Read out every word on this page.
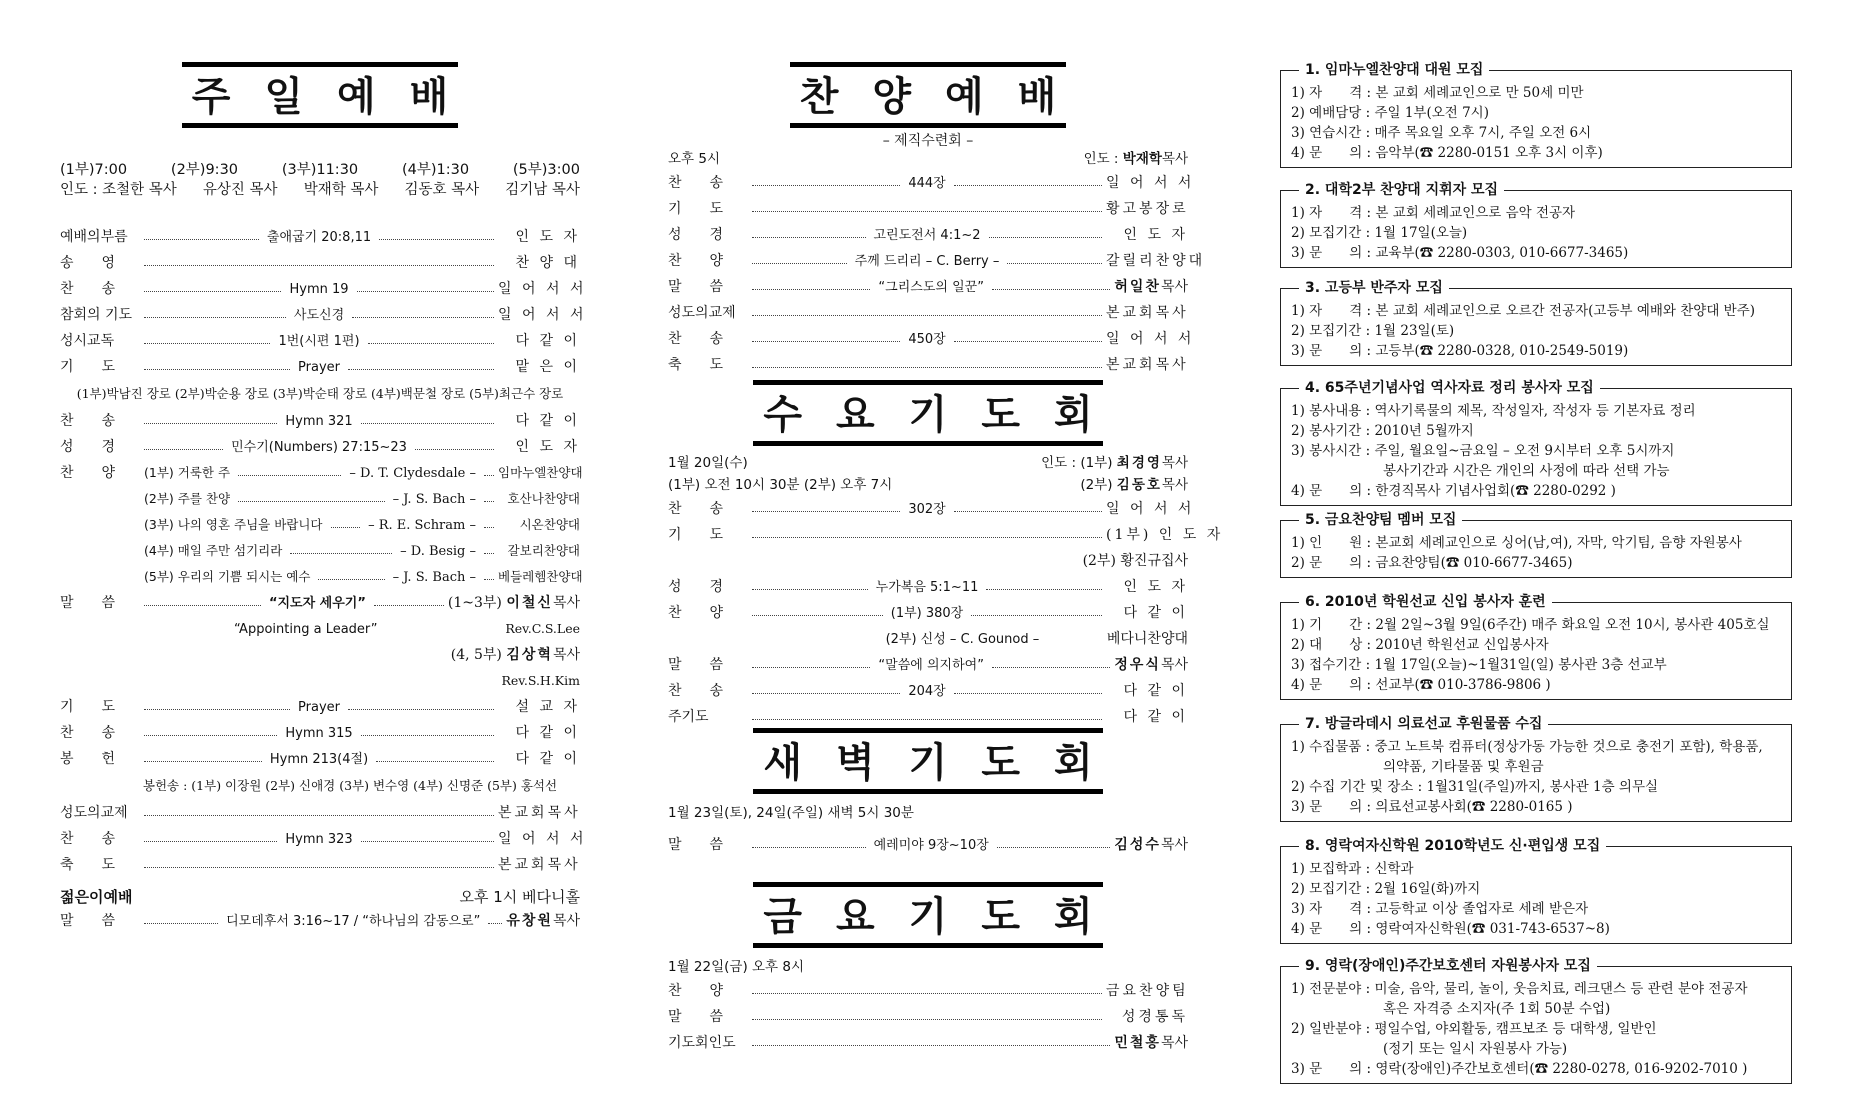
주일예배
(1부)7:00	(2부)9:30	(3부)11:30	(4부)1:30	(5부)3:00
인도 : 조철한 목사 유상진 목사 박재학 목사 김동호 목사 김기남 목사
예배의부름	출애굽기 20:8,11	인 도 자
송　　영	찬 양 대
찬　　송	Hymn 19	일 어 서 서
참회의 기도	사도신경	일 어 서 서
성시교독	1번(시편 1편)	다 같 이
기　　도	Prayer	맡 은 이
(1부)박남진 장로 (2부)박순용 장로 (3부)박순태 장로 (4부)백문철 장로 (5부)최근수 장로
찬　　송	Hymn 321	다 같 이
성　　경	민수기(Numbers) 27:15~23	인 도 자
찬　　양	(1부) 거룩한 주	– D. T. Clydesdale –	임마누엘찬양대
(2부) 주를 찬양	– J. S. Bach –	호산나찬양대
(3부) 나의 영혼 주님을 바랍니다	– R. E. Schram –	시온찬양대
(4부) 매일 주만 섬기리라	– D. Besig –	갈보리찬양대
(5부) 우리의 기쁨 되시는 예수	– J. S. Bach –	베들레헴찬양대
말　　씀	“지도자 세우기”	(1~3부) 이철신목사
“Appointing a Leader”	Rev.C.S.Lee
(4, 5부) 김상혁목사
Rev.S.H.Kim
기　　도	Prayer	설 교 자
찬　　송	Hymn 315	다 같 이
봉　　헌	Hymn 213(4절)	다 같 이
봉헌송 : (1부) 이장원 (2부) 신애경 (3부) 변수영 (4부) 신명준 (5부) 홍석선
성도의교제	본교회목사
찬　　송	Hymn 323	일 어 서 서
축　　도	본교회목사
젊은이예배	오후 1시 베다니홀
말　　씀	디모데후서 3:16~17 / “하나님의 감동으로” 유창원목사
찬양예배
– 제직수련회 –
오후 5시	인도 : 박재학목사
찬　　송	444장	일 어 서 서
기　　도	황고봉장로
성　　경	고린도전서 4:1~2	인 도 자
찬　　양	주께 드리리 – C. Berry –	갈릴리찬양대
말　　씀	“그리스도의 일꾼”	허일찬목사
성도의교제	본교회목사
찬　　송	450장	일 어 서 서
축　　도	본교회목사
수요기도회
1월 20일(수)	인도 : (1부) 최경영목사
(1부) 오전 10시 30분 (2부) 오후 7시	(2부) 김동호목사
찬　　송	302장	일 어 서 서
기　　도	(1부) 인 도 자
(2부) 황진규집사
성　　경	누가복음 5:1~11	인 도 자
찬　　양	(1부) 380장	다 같 이
(2부) 신성 – C. Gounod –	베다니찬양대
말　　씀	“말씀에 의지하여”	정우식목사
찬　　송	204장	다 같 이
주기도	다 같 이
새벽기도회
1월 23일(토), 24일(주일) 새벽 5시 30분
말　　씀	예레미야 9장~10장	김성수목사
금요기도회
1월 22일(금) 오후 8시
찬　　양	금요찬양팀
말　　씀	성경통독
기도회인도	민철홍목사
1. 임마누엘찬양대 대원 모집
1) 자　　격 : 본 교회 세례교인으로 만 50세 미만
2) 예배담당 : 주일 1부(오전 7시)
3) 연습시간 : 매주 목요일 오후 7시, 주일 오전 6시
4) 문　　의 : 음악부(☎ 2280-0151 오후 3시 이후)
2. 대학2부 찬양대 지휘자 모집
1) 자　　격 : 본 교회 세례교인으로 음악 전공자
2) 모집기간 : 1월 17일(오늘)
3) 문　　의 : 교육부(☎ 2280-0303, 010-6677-3465)
3. 고등부 반주자 모집
1) 자　　격 : 본 교회 세례교인으로 오르간 전공자(고등부 예배와 찬양대 반주)
2) 모집기간 : 1월 23일(토)
3) 문　　의 : 고등부(☎ 2280-0328, 010-2549-5019)
4. 65주년기념사업 역사자료 정리 봉사자 모집
1) 봉사내용 : 역사기록물의 제목, 작성일자, 작성자 등 기본자료 정리
2) 봉사기간 : 2010년 5월까지
3) 봉사시간 : 주일, 월요일~금요일 – 오전 9시부터 오후 5시까지
봉사기간과 시간은 개인의 사정에 따라 선택 가능
4) 문　　의 : 한경직목사 기념사업회(☎ 2280-0292 )
5. 금요찬양팀 멤버 모집
1) 인　　원 : 본교회 세례교인으로 싱어(남,여), 자막, 악기팀, 음향 자원봉사
2) 문　　의 : 금요찬양팀(☎ 010-6677-3465)
6. 2010년 학원선교 신입 봉사자 훈련
1) 기　　간 : 2월 2일~3월 9일(6주간) 매주 화요일 오전 10시, 봉사관 405호실
2) 대　　상 : 2010년 학원선교 신입봉사자
3) 접수기간 : 1월 17일(오늘)~1월31일(일) 봉사관 3층 선교부
4) 문　　의 : 선교부(☎ 010-3786-9806 )
7. 방글라데시 의료선교 후원물품 수집
1) 수집물품 : 중고 노트북 컴퓨터(정상가동 가능한 것으로 충전기 포함), 학용품,
의약품, 기타물품 및 후원금
2) 수집 기간 및 장소 : 1월31일(주일)까지, 봉사관 1층 의무실
3) 문　　의 : 의료선교봉사회(☎ 2280-0165 )
8. 영락여자신학원 2010학년도 신·편입생 모집
1) 모집학과 : 신학과
2) 모집기간 : 2월 16일(화)까지
3) 자　　격 : 고등학교 이상 졸업자로 세례 받은자
4) 문　　의 : 영락여자신학원(☎ 031-743-6537~8)
9. 영락(장애인)주간보호센터 자원봉사자 모집
1) 전문분야 : 미술, 음악, 물리, 놀이, 웃음치료, 레크댄스 등 관련 분야 전공자
혹은 자격증 소지자(주 1회 50분 수업)
2) 일반분야 : 평일수업, 야외활동, 캠프보조 등 대학생, 일반인
(정기 또는 일시 자원봉사 가능)
3) 문　　의 : 영락(장애인)주간보호센터(☎ 2280-0278, 016-9202-7010 )
